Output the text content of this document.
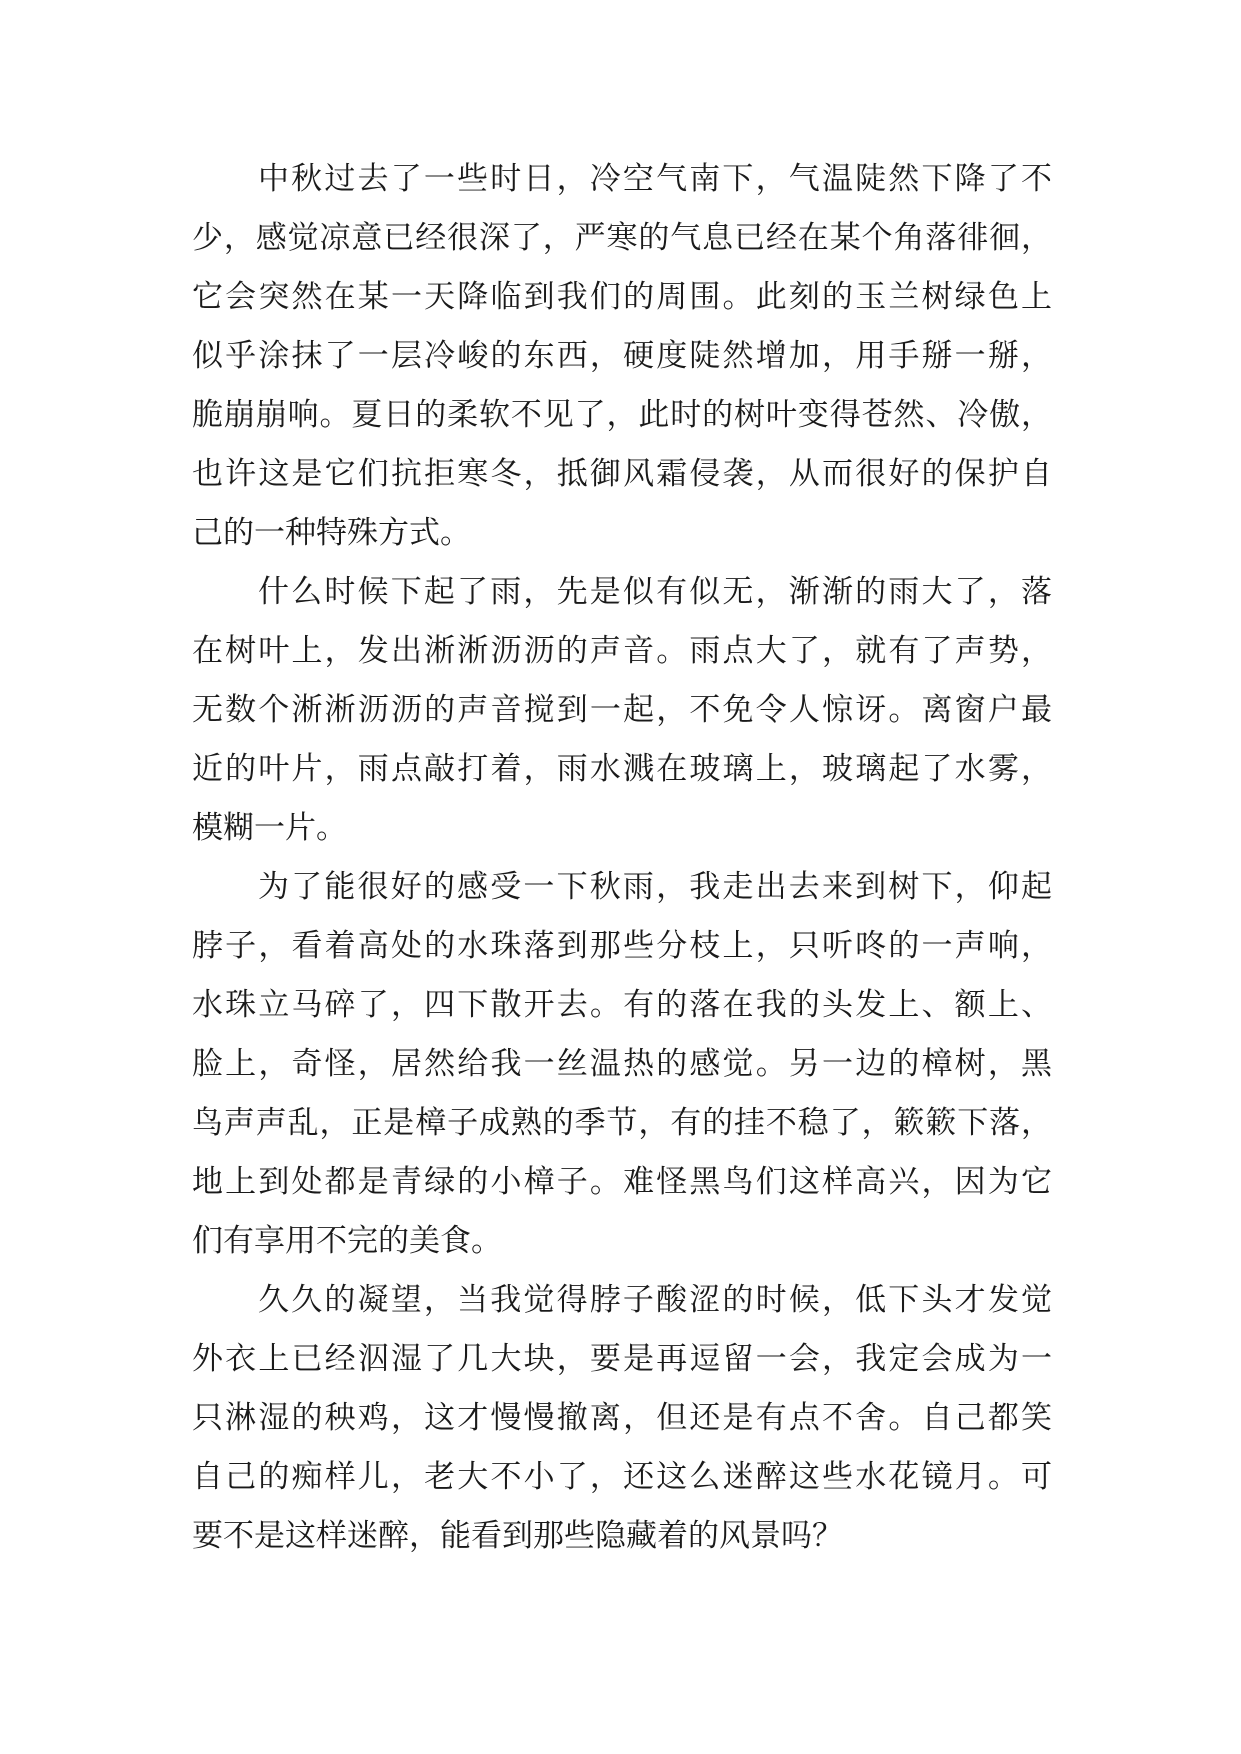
中秋过去了一些时日，冷空气南下，气温陡然下降了不
少，感觉凉意已经很深了，严寒的气息已经在某个角落徘徊，
它会突然在某一天降临到我们的周围。此刻的玉兰树绿色上
似乎涂抹了一层冷峻的东西，硬度陡然增加，用手掰一掰，
脆崩崩响。夏日的柔软不见了，此时的树叶变得苍然、冷傲，
也许这是它们抗拒寒冬，抵御风霜侵袭，从而很好的保护自
己的一种特殊方式。
什么时候下起了雨，先是似有似无，渐渐的雨大了，落
在树叶上，发出淅淅沥沥的声音。雨点大了，就有了声势，
无数个淅淅沥沥的声音搅到一起，不免令人惊讶。离窗户最
近的叶片，雨点敲打着，雨水溅在玻璃上，玻璃起了水雾，
模糊一片。
为了能很好的感受一下秋雨，我走出去来到树下，仰起
脖子，看着高处的水珠落到那些分枝上，只听咚的一声响，
水珠立马碎了，四下散开去。有的落在我的头发上、额上、
脸上，奇怪，居然给我一丝温热的感觉。另一边的樟树，黑
鸟声声乱，正是樟子成熟的季节，有的挂不稳了，簌簌下落，
地上到处都是青绿的小樟子。难怪黑鸟们这样高兴，因为它
们有享用不完的美食。
久久的凝望，当我觉得脖子酸涩的时候，低下头才发觉
外衣上已经泅湿了几大块，要是再逗留一会，我定会成为一
只淋湿的秧鸡，这才慢慢撤离，但还是有点不舍。自己都笑
自己的痴样儿，老大不小了，还这么迷醉这些水花镜月。可
要不是这样迷醉，能看到那些隐藏着的风景吗？
